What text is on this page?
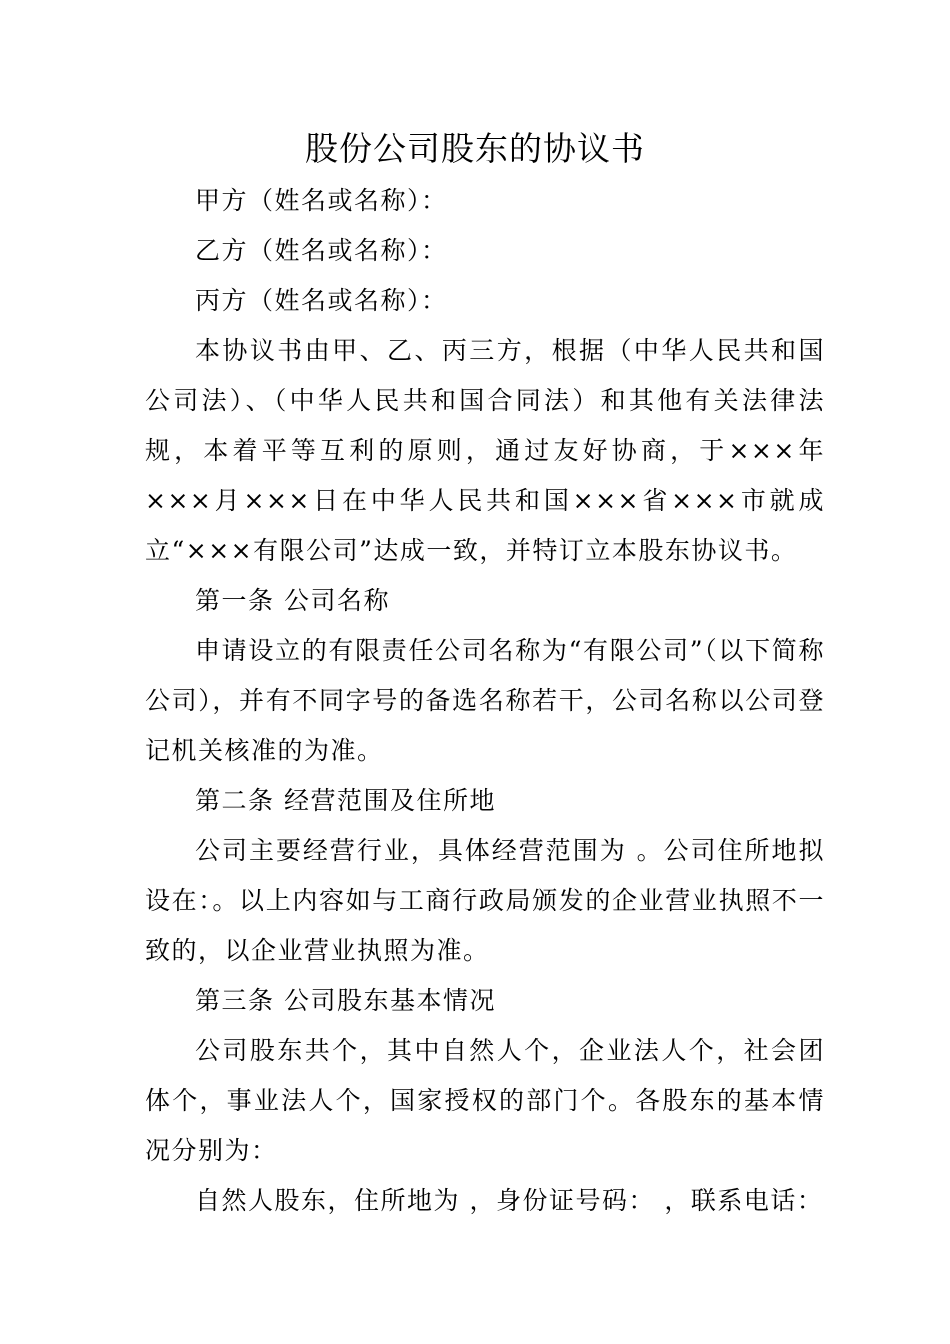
股份公司股东的协议书

甲方（姓名或名称）：

乙方（姓名或名称）：

丙方（姓名或名称）：

本协议书由甲、乙、丙三方，根据（中华人民共和国公司法）、（中华人民共和国合同法）和其他有关法律法规，本着平等互利的原则，通过友好协商，于×××年×××月×××日在中华人民共和国×××省×××市就成立“×××有限公司”达成一致，并特订立本股东协议书。

第一条 公司名称

申请设立的有限责任公司名称为“有限公司”（以下简称公司），并有不同字号的备选名称若干，公司名称以公司登记机关核准的为准。

第二条 经营范围及住所地

公司主要经营行业，具体经营范围为 。公司住所地拟设在：。以上内容如与工商行政局颁发的企业营业执照不一致的，以企业营业执照为准。

第三条 公司股东基本情况

公司股东共个，其中自然人个，企业法人个，社会团体个，事业法人个，国家授权的部门个。各股东的基本情况分别为：

自然人股东，住所地为 ，身份证号码： ，联系电话：
